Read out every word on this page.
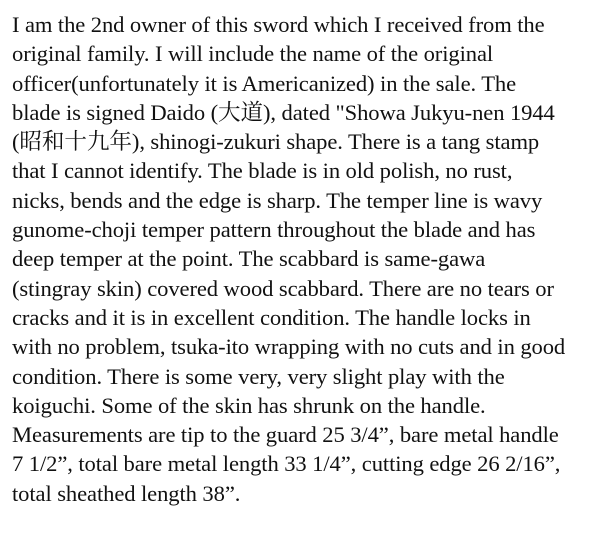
I am the 2nd owner of this sword which I received from the
original family. I will include the name of the original
officer(unfortunately it is Americanized) in the sale. The
blade is signed Daido (大道), dated "Showa Jukyu-nen 1944
(昭和十九年), shinogi-zukuri shape. There is a tang stamp
that I cannot identify. The blade is in old polish, no rust,
nicks, bends and the edge is sharp. The temper line is wavy
gunome-choji temper pattern throughout the blade and has
deep temper at the point. The scabbard is same-gawa
(stingray skin) covered wood scabbard. There are no tears or
cracks and it is in excellent condition. The handle locks in
with no problem, tsuka-ito wrapping with no cuts and in good
condition. There is some very, very slight play with the
koiguchi. Some of the skin has shrunk on the handle.
Measurements are tip to the guard 25 3/4”, bare metal handle
7 1/2”, total bare metal length 33 1/4”, cutting edge 26 2/16”,
total sheathed length 38”.
